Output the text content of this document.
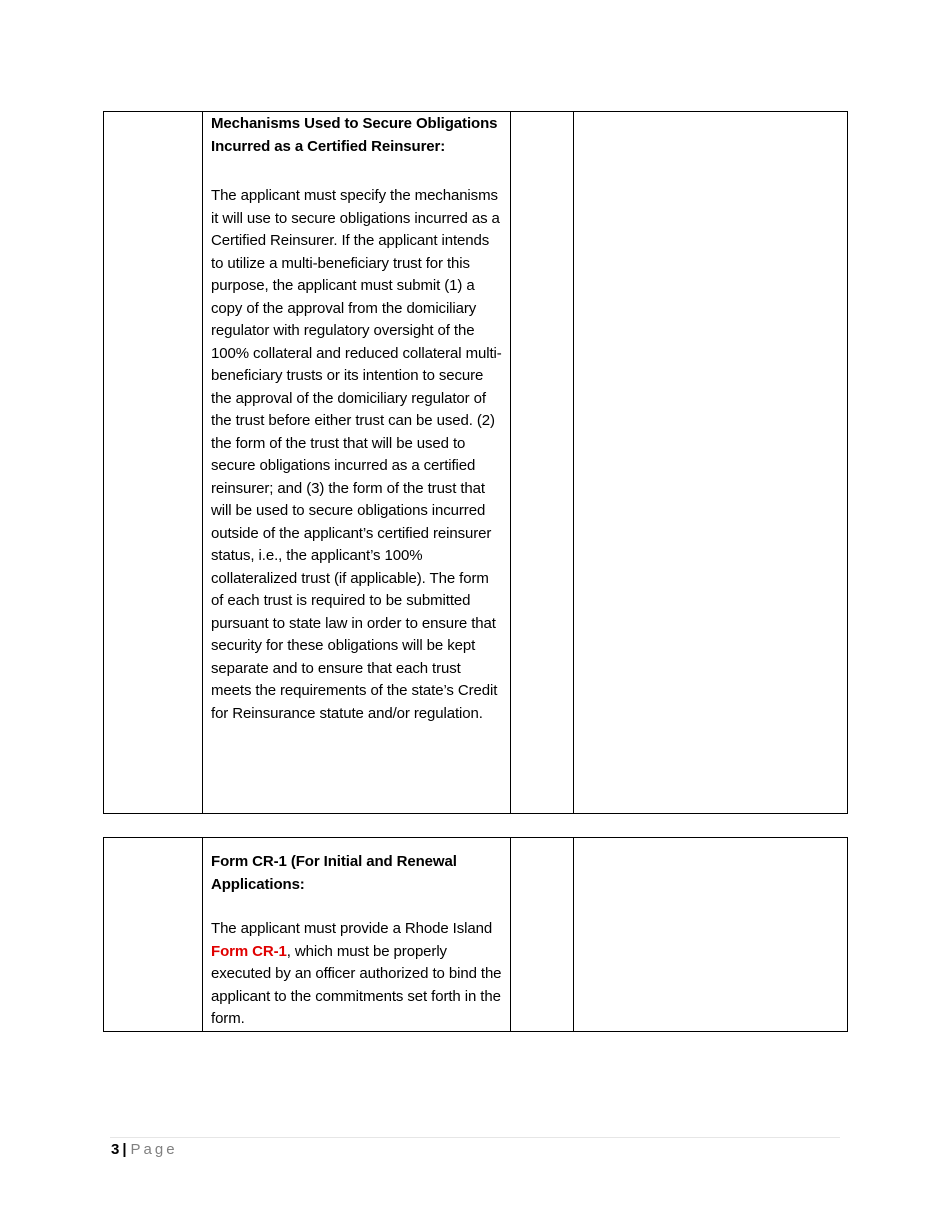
Mechanisms Used to Secure Obligations Incurred as a Certified Reinsurer:

The applicant must specify the mechanisms it will use to secure obligations incurred as a Certified Reinsurer. If the applicant intends to utilize a multi-beneficiary trust for this purpose, the applicant must submit (1) a copy of the approval from the domiciliary regulator with regulatory oversight of the 100% collateral and reduced collateral multi-beneficiary trusts or its intention to secure the approval of the domiciliary regulator of the trust before either trust can be used. (2) the form of the trust that will be used to secure obligations incurred as a certified reinsurer; and (3) the form of the trust that will be used to secure obligations incurred outside of the applicant’s certified reinsurer status, i.e., the applicant’s 100% collateralized trust (if applicable). The form of each trust is required to be submitted pursuant to state law in order to ensure that security for these obligations will be kept separate and to ensure that each trust meets the requirements of the state’s Credit for Reinsurance statute and/or regulation.

Form CR-1 (For Initial and Renewal Applications:

The applicant must provide a Rhode Island Form CR-1, which must be properly executed by an officer authorized to bind the applicant to the commitments set forth in the form.

3 | Page
